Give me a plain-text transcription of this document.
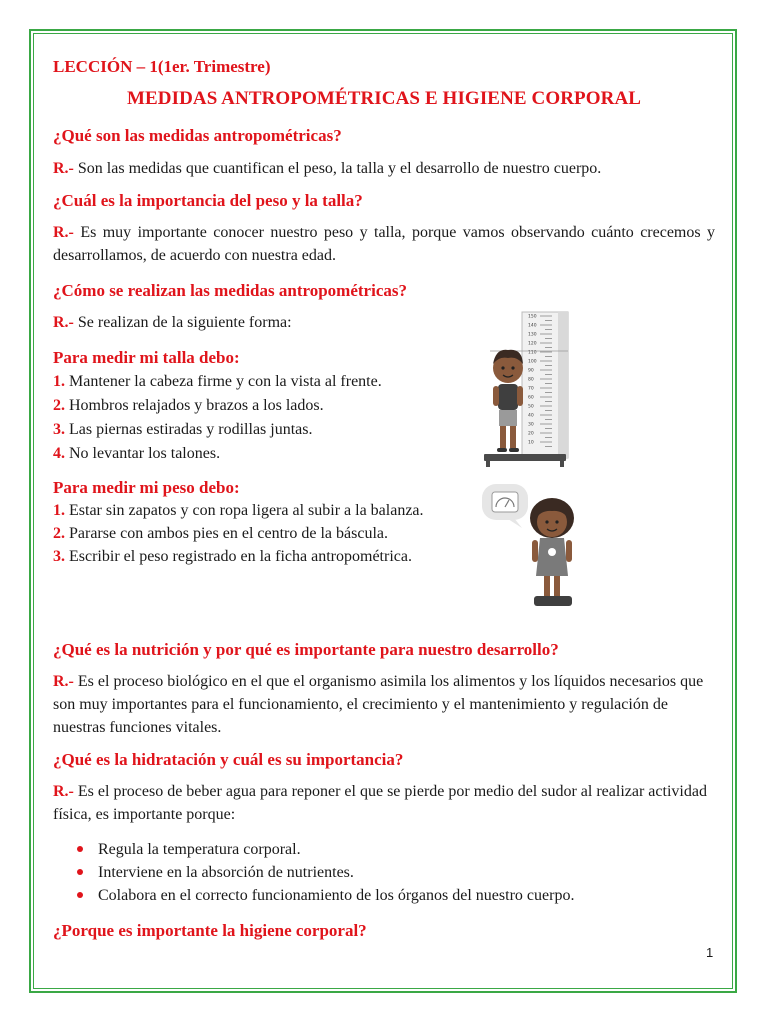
LECCIÓN – 1(1er. Trimestre)

MEDIDAS ANTROPOMÉTRICAS E HIGIENE CORPORAL

¿Qué son las medidas antropométricas?

R.- Son las medidas que cuantifican el peso, la talla y el desarrollo de nuestro cuerpo.

¿Cuál es la importancia del peso y la talla?

R.- Es muy importante conocer nuestro peso y talla, porque vamos observando cuánto crecemos y desarrollamos, de acuerdo con nuestra edad.

¿Cómo se realizan las medidas antropométricas?

R.- Se realizan de la siguiente forma:

Para medir mi talla debo:
1. Mantener la cabeza firme y con la vista al frente.
2. Hombros relajados y brazos a los lados.
3. Las piernas estiradas y rodillas juntas.
4. No levantar los talones.
150
140
130
120
110
100
90
80
70
60
50
40
30
20
10
Para medir mi peso debo:
1. Estar sin zapatos y con ropa ligera al subir a la balanza.
2. Pararse con ambos pies en el centro de la báscula.
3. Escribir el peso registrado en la ficha antropométrica.

¿Qué es la nutrición y por qué es importante para nuestro desarrollo?

R.- Es el proceso biológico en el que el organismo asimila los alimentos y los líquidos necesarios que son muy importantes para el funcionamiento, el crecimiento y el mantenimiento y regulación de nuestras funciones vitales.

¿Qué es la hidratación y cuál es su importancia?

R.- Es el proceso de beber agua para reponer el que se pierde por medio del sudor al realizar actividad física, es importante porque:

Regula la temperatura corporal.
Interviene en la absorción de nutrientes.
Colabora en el correcto funcionamiento de los órganos del nuestro cuerpo.

¿Porque es importante la higiene corporal?

1
